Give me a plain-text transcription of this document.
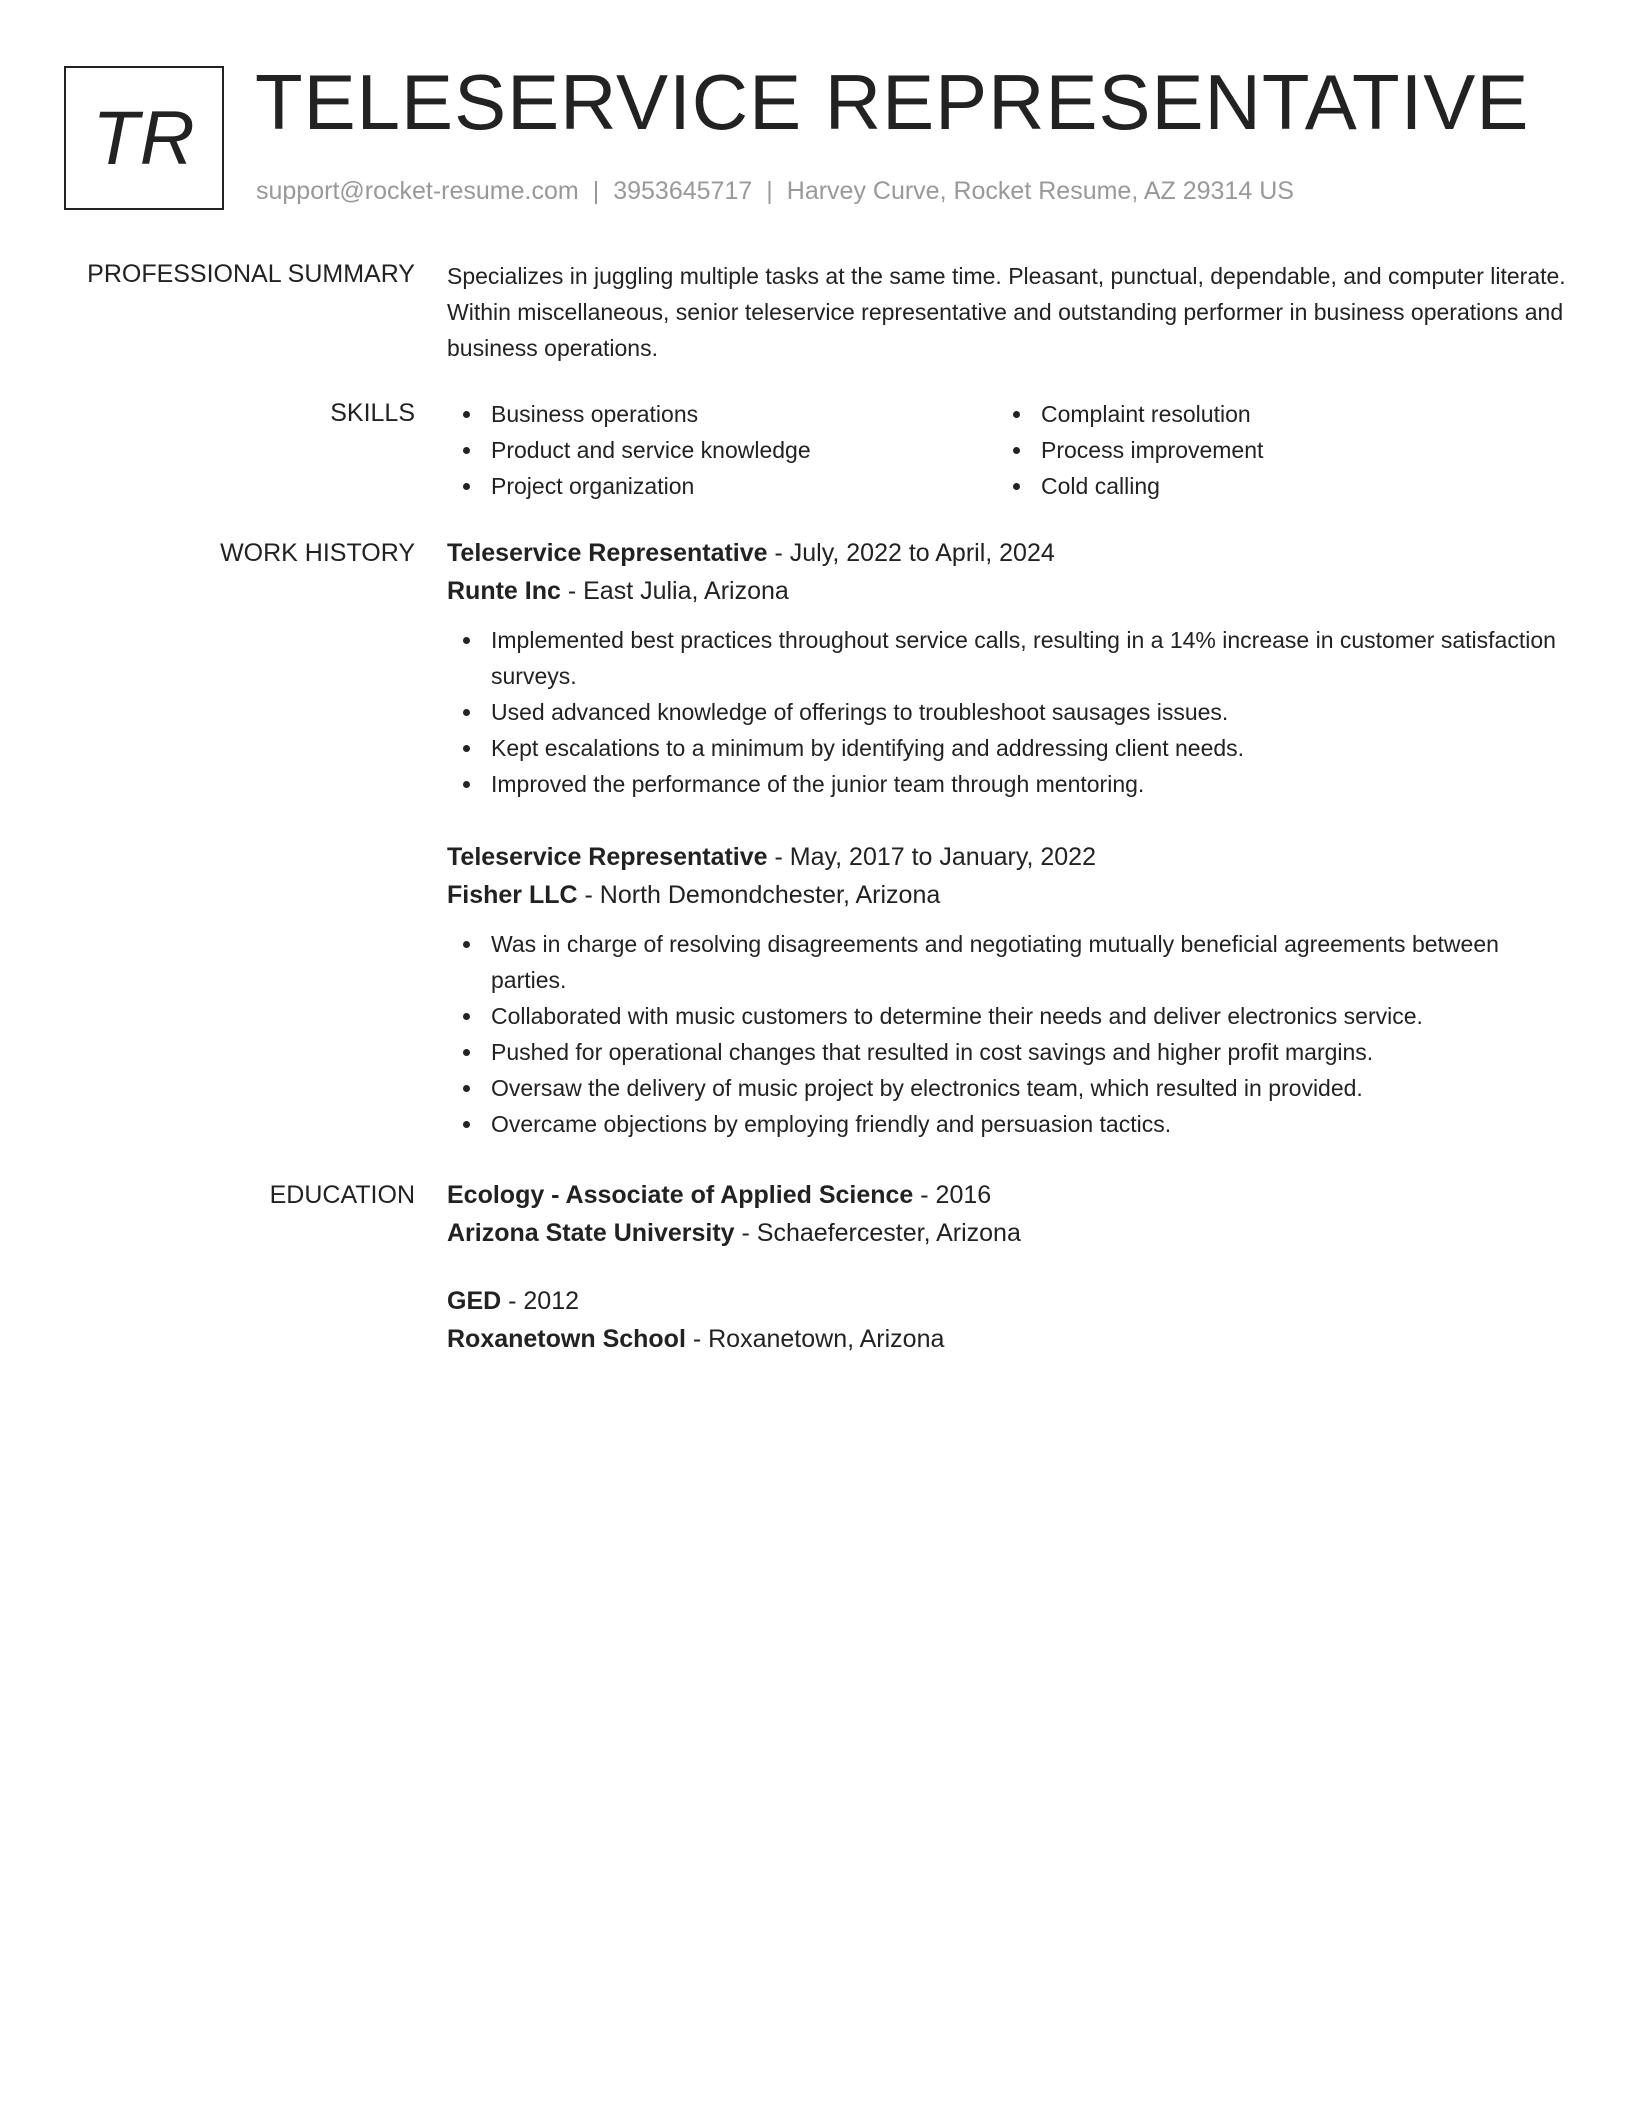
TR TELESERVICE REPRESENTATIVE
support@rocket-resume.com | 3953645717 | Harvey Curve, Rocket Resume, AZ 29314 US
PROFESSIONAL SUMMARY Specializes in juggling multiple tasks at the same time. Pleasant, punctual, dependable, and computer literate. Within miscellaneous, senior teleservice representative and outstanding performer in business operations and business operations.

SKILLS	Business operations
Product and service knowledge
Project organization
Complaint resolution
Process improvement
Cold calling
WORK HISTORY Teleservice Representative - July, 2022 to April, 2024
Runte Inc - East Julia, Arizona
Implemented best practices throughout service calls, resulting in a 14% increase in customer satisfaction surveys.
Used advanced knowledge of offerings to troubleshoot sausages issues.
Kept escalations to a minimum by identifying and addressing client needs.
Improved the performance of the junior team through mentoring.
Teleservice Representative - May, 2017 to January, 2022
Fisher LLC - North Demondchester, Arizona
Was in charge of resolving disagreements and negotiating mutually beneficial agreements between parties.
Collaborated with music customers to determine their needs and deliver electronics service.
Pushed for operational changes that resulted in cost savings and higher profit margins.
Oversaw the delivery of music project by electronics team, which resulted in provided.
Overcame objections by employing friendly and persuasion tactics.
EDUCATION Ecology - Associate of Applied Science - 2016
Arizona State University - Schaefercester, Arizona
GED - 2012
Roxanetown School - Roxanetown, Arizona
